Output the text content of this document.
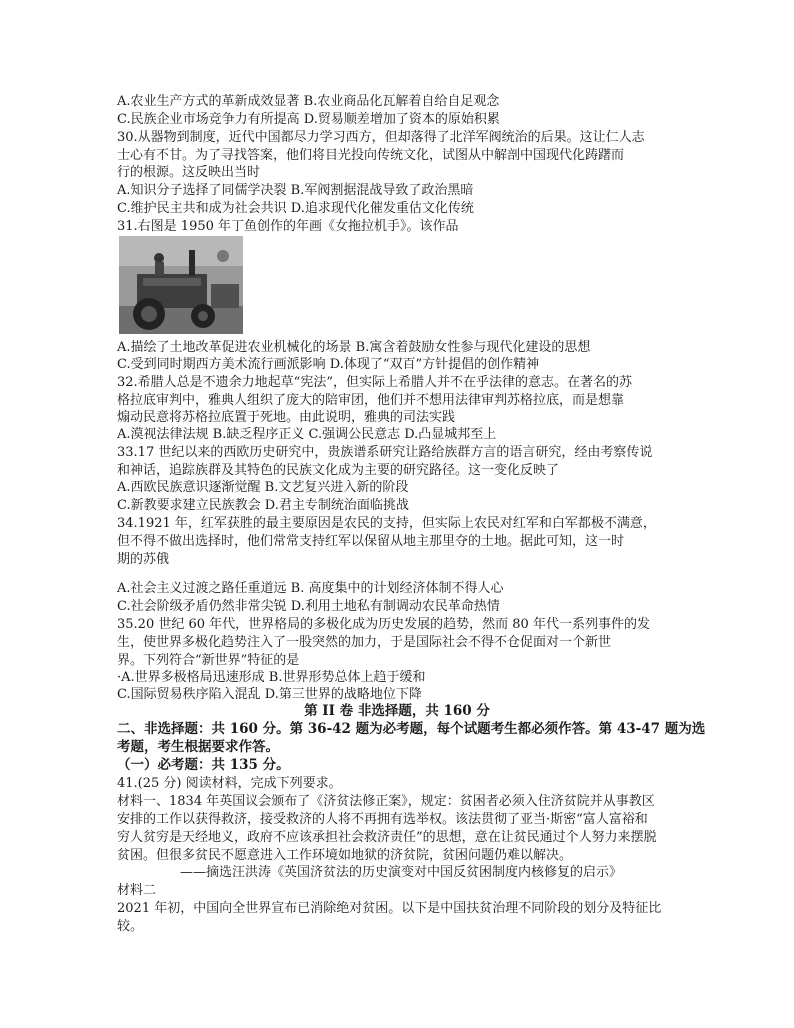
A.农业生产方式的革新成效显著 B.农业商品化瓦解着自给自足观念
C.民族企业市场竞争力有所提高 D.贸易顺差增加了资本的原始积累
30.从器物到制度，近代中国都尽力学习西方，但却落得了北洋军阀统治的后果。这让仁人志
士心有不甘。为了寻找答案，他们将目光投向传统文化，试图从中解剖中国现代化踌躇而
行的根源。这反映出当时
A.知识分子选择了同儒学决裂 B.军阀割据混战导致了政治黑暗
C.维护民主共和成为社会共识 D.追求现代化催发重估文化传统
31.右图是 1950 年丁鱼创作的年画《女拖拉机手》。该作品
A.描绘了土地改革促进农业机械化的场景 B.寓含着鼓励女性参与现代化建设的思想
C.受到同时期西方美术流行画派影响 D.体现了“双百”方针提倡的创作精神
32.希腊人总是不遗余力地起草“宪法”，但实际上希腊人并不在乎法律的意志。在著名的苏
格拉底审判中，雅典人组织了庞大的陪审团，他们并不想用法律审判苏格拉底，而是想靠
煽动民意将苏格拉底置于死地。由此说明，雅典的司法实践
A.漠视法律法规 B.缺乏程序正义 C.强调公民意志 D.凸显城邦至上
33.17 世纪以来的西欧历史研究中，贵族谱系研究让路给族群方言的语言研究，经由考察传说
和神话，追踪族群及其特色的民族文化成为主要的研究路径。这一变化反映了
A.西欧民族意识逐渐觉醒 B.文艺复兴进入新的阶段
C.新教要求建立民族教会 D.君主专制统治面临挑战
34.1921 年，红军获胜的最主要原因是农民的支持，但实际上农民对红军和白军都极不满意，
但不得不做出选择时，他们常常支持红军以保留从地主那里夺的土地。据此可知，这一时
期的苏俄
A.社会主义过渡之路任重道远 B. 高度集中的计划经济体制不得人心
C.社会阶级矛盾仍然非常尖锐 D.利用土地私有制调动农民革命热情
35.20 世纪 60 年代，世界格局的多极化成为历史发展的趋势，然而 80 年代一系列事件的发
生，使世界多极化趋势注入了一股突然的加力，于是国际社会不得不仓促面对一个新世
界。下列符合“新世界”特征的是
·A.世界多极格局迅速形成 B.世界形势总体上趋于缓和
C.国际贸易秩序陷入混乱 D.第三世界的战略地位下降
第 II 卷 非选择题，共 160 分
二、非选择题：共 160 分。第 36-42 题为必考题，每个试题考生都必须作答。第 43-47 题为选
考题，考生根据要求作答。
（一）必考题：共 135 分。
41.(25 分) 阅读材料，完成下列要求。
材料一、1834 年英国议会颁布了《济贫法修正案》，规定：贫困者必须入住济贫院并从事教区
安排的工作以获得救济，接受救济的人将不再拥有选举权。该法贯彻了亚当·斯密“富人富裕和
穷人贫穷是天经地义，政府不应该承担社会救济责任”的思想，意在让贫民通过个人努力来摆脱
贫困。但很多贫民不愿意进入工作环境如地狱的济贫院，贫困问题仍难以解决。
——摘选汪洪涛《英国济贫法的历史演变对中国反贫困制度内核修复的启示》
材料二
2021 年初，中国向全世界宣布已消除绝对贫困。以下是中国扶贫治理不同阶段的划分及特征比
较。
